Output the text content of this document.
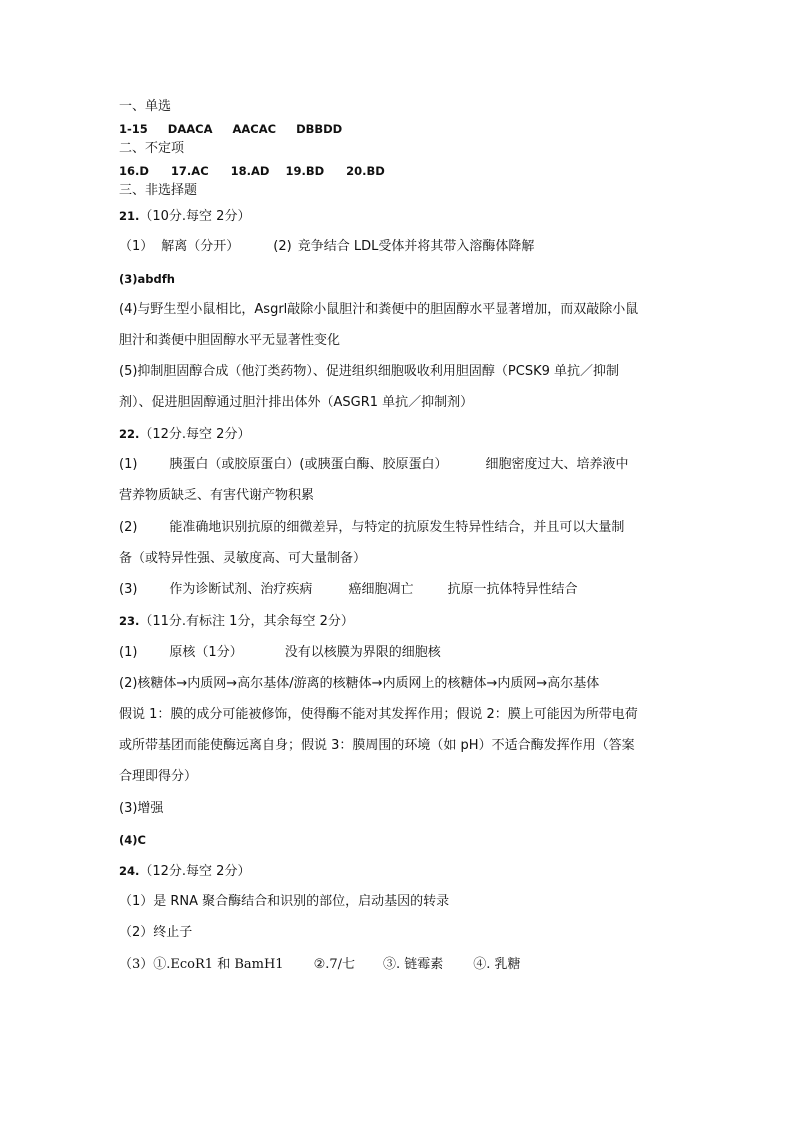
一、单选
1-15 DAACA AACAC DBBDD
二、不定项
16.D 17.AC 18.AD 19.BD 20.BD
三、非选择题
21.（10分.每空 2分）
（1） 解离（分开）	(2) 竞争结合 LDL受体并将其带入溶酶体降解
(3)abdfh
(4)与野生型小鼠相比，Asgrl敲除小鼠胆汁和粪便中的胆固醇水平显著增加，而双敲除小鼠
胆汁和粪便中胆固醇水平无显著性变化
(5)抑制胆固醇合成（他汀类药物）、促进组织细胞吸收利用胆固醇（PCSK9 单抗／抑制
剂）、促进胆固醇通过胆汁排出体外（ASGR1 单抗／抑制剂）
22.（12分.每空 2分）
(1) 胰蛋白（或胶原蛋白）(或胰蛋白酶、胶原蛋白）	细胞密度过大、培养液中
营养物质缺乏、有害代谢产物积累
(2) 能准确地识别抗原的细微差异，与特定的抗原发生特异性结合，并且可以大量制
备（或特异性强、灵敏度高、可大量制备）
(3) 作为诊断试剂、治疗疾病	癌细胞凋亡	抗原一抗体特异性结合
23.（11分.有标注 1分，其余每空 2分）
(1) 原核（1分）	没有以核膜为界限的细胞核
(2)核糖体→内质网→高尔基体/游离的核糖体→内质网上的核糖体→内质网→高尔基体
假说 1：膜的成分可能被修饰，使得酶不能对其发挥作用；假说 2：膜上可能因为所带电荷
或所带基团而能使酶远离自身；假说 3：膜周围的环境（如 pH）不适合酶发挥作用（答案
合理即得分）
(3)增强
(4)C
24.（12分.每空 2分）
（1）是 RNA 聚合酶结合和识别的部位，启动基因的转录
（2）终止子
（3）①.EcoR1 和 BamH1 ②.7/七 ③. 链霉素 ④. 乳糖
